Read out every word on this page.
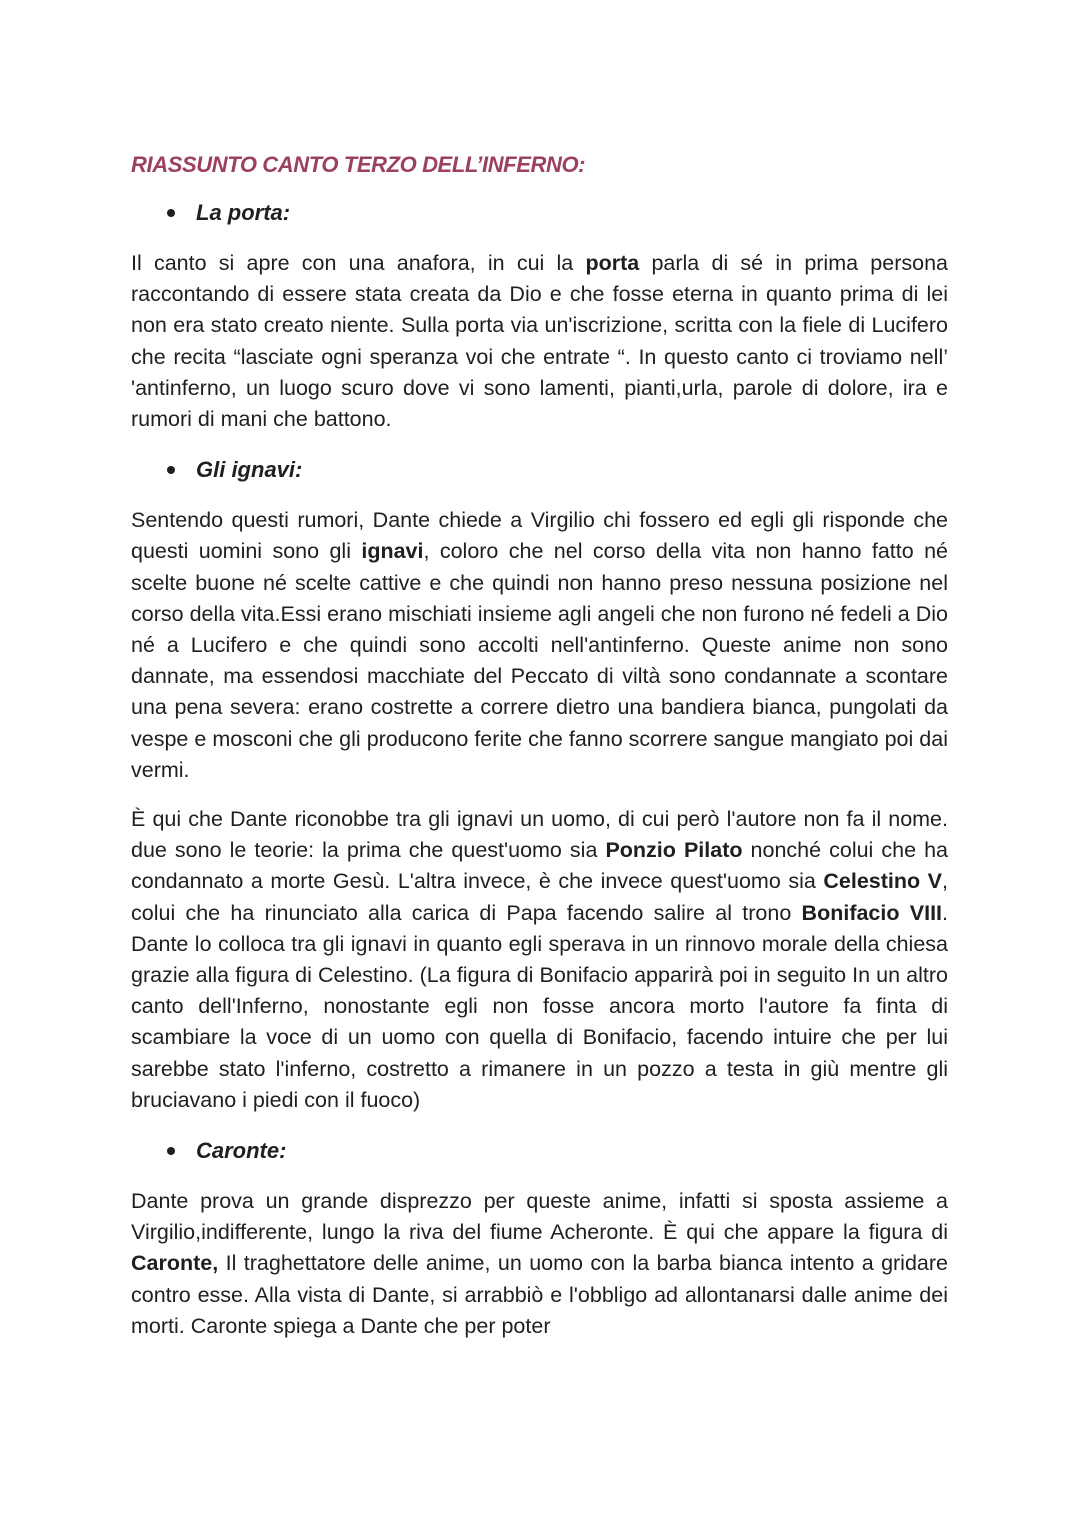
RIASSUNTO CANTO TERZO DELL’INFERNO:
La porta:

Il canto si apre con una anafora, in cui la porta parla di sé in prima persona raccontando di essere stata creata da Dio e che fosse eterna in quanto prima di lei non era stato creato niente. Sulla porta via un'iscrizione, scritta con la fiele di Lucifero che recita “lasciate ogni speranza voi che entrate “. In questo canto ci troviamo nell’ 'antinferno, un luogo scuro dove vi sono lamenti, pianti,urla, parole di dolore, ira e rumori di mani che battono.

Gli ignavi:

Sentendo questi rumori, Dante chiede a Virgilio chi fossero ed egli gli risponde che questi uomini sono gli ignavi, coloro che nel corso della vita non hanno fatto né scelte buone né scelte cattive e che quindi non hanno preso nessuna posizione nel corso della vita.Essi erano mischiati insieme agli angeli che non furono né fedeli a Dio né a Lucifero e che quindi sono accolti nell'antinferno. Queste anime non sono dannate, ma essendosi macchiate del Peccato di viltà sono condannate a scontare una pena severa: erano costrette a correre dietro una bandiera bianca, pungolati da vespe e mosconi che gli producono ferite che fanno scorrere sangue mangiato poi dai vermi.

È qui che Dante riconobbe tra gli ignavi un uomo, di cui però l'autore non fa il nome. due sono le teorie: la prima che quest'uomo sia Ponzio Pilato nonché colui che ha condannato a morte Gesù. L'altra invece, è che invece quest'uomo sia Celestino V, colui che ha rinunciato alla carica di Papa facendo salire al trono Bonifacio VIII. Dante lo colloca tra gli ignavi in quanto egli sperava in un rinnovo morale della chiesa grazie alla figura di Celestino. (La figura di Bonifacio apparirà poi in seguito In un altro canto dell'Inferno, nonostante egli non fosse ancora morto l'autore fa finta di scambiare la voce di un uomo con quella di Bonifacio, facendo intuire che per lui sarebbe stato l'inferno, costretto a rimanere in un pozzo a testa in giù mentre gli bruciavano i piedi con il fuoco)

Caronte:

Dante prova un grande disprezzo per queste anime, infatti si sposta assieme a Virgilio,indifferente, lungo la riva del fiume Acheronte. È qui che appare la figura di Caronte, Il traghettatore delle anime, un uomo con la barba bianca intento a gridare contro esse. Alla vista di Dante, si arrabbiò e l'obbligo ad allontanarsi dalle anime dei morti. Caronte spiega a Dante che per poter
